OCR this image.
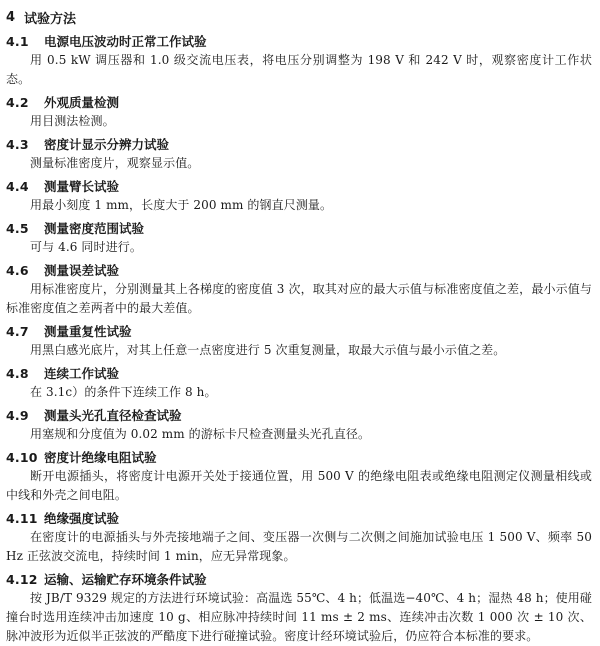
4 试验方法
4.1	电源电压波动时正常工作试验

用 0.5 kW 调压器和 1.0 级交流电压表，将电压分别调整为 198 V 和 242 V 时，观察密度计工作状态。

4.2	外观质量检测

用目测法检测。

4.3	密度计显示分辨力试验

测量标准密度片，观察显示值。

4.4	测量臂长试验

用最小刻度 1 mm，长度大于 200 mm 的钢直尺测量。

4.5	测量密度范围试验

可与 4.6 同时进行。

4.6	测量误差试验

用标准密度片，分别测量其上各梯度的密度值 3 次，取其对应的最大示值与标准密度值之差，最小示值与标准密度值之差两者中的最大差值。

4.7	测量重复性试验

用黑白感光底片，对其上任意一点密度进行 5 次重复测量，取最大示值与最小示值之差。

4.8	连续工作试验

在 3.1c）的条件下连续工作 8 h。

4.9	测量头光孔直径检查试验

用塞规和分度值为 0.02 mm 的游标卡尺检查测量头光孔直径。

4.10 密度计绝缘电阻试验

断开电源插头，将密度计电源开关处于接通位置，用 500 V 的绝缘电阻表或绝缘电阻测定仪测量相线或中线和外壳之间电阻。

4.11 绝缘强度试验

在密度计的电源插头与外壳接地端子之间、变压器一次侧与二次侧之间施加试验电压 1 500 V、频率 50 Hz 正弦波交流电，持续时间 1 min，应无异常现象。

4.12 运输、运输贮存环境条件试验

按 JB/T 9329 规定的方法进行环境试验：高温选 55℃、4 h；低温选−40℃、4 h；湿热 48 h；使用碰撞台时选用连续冲击加速度 10 g、相应脉冲持续时间 11 ms ± 2 ms、连续冲击次数 1 000 次 ± 10 次、脉冲波形为近似半正弦波的严酷度下进行碰撞试验。密度计经环境试验后，仍应符合本标准的要求。
